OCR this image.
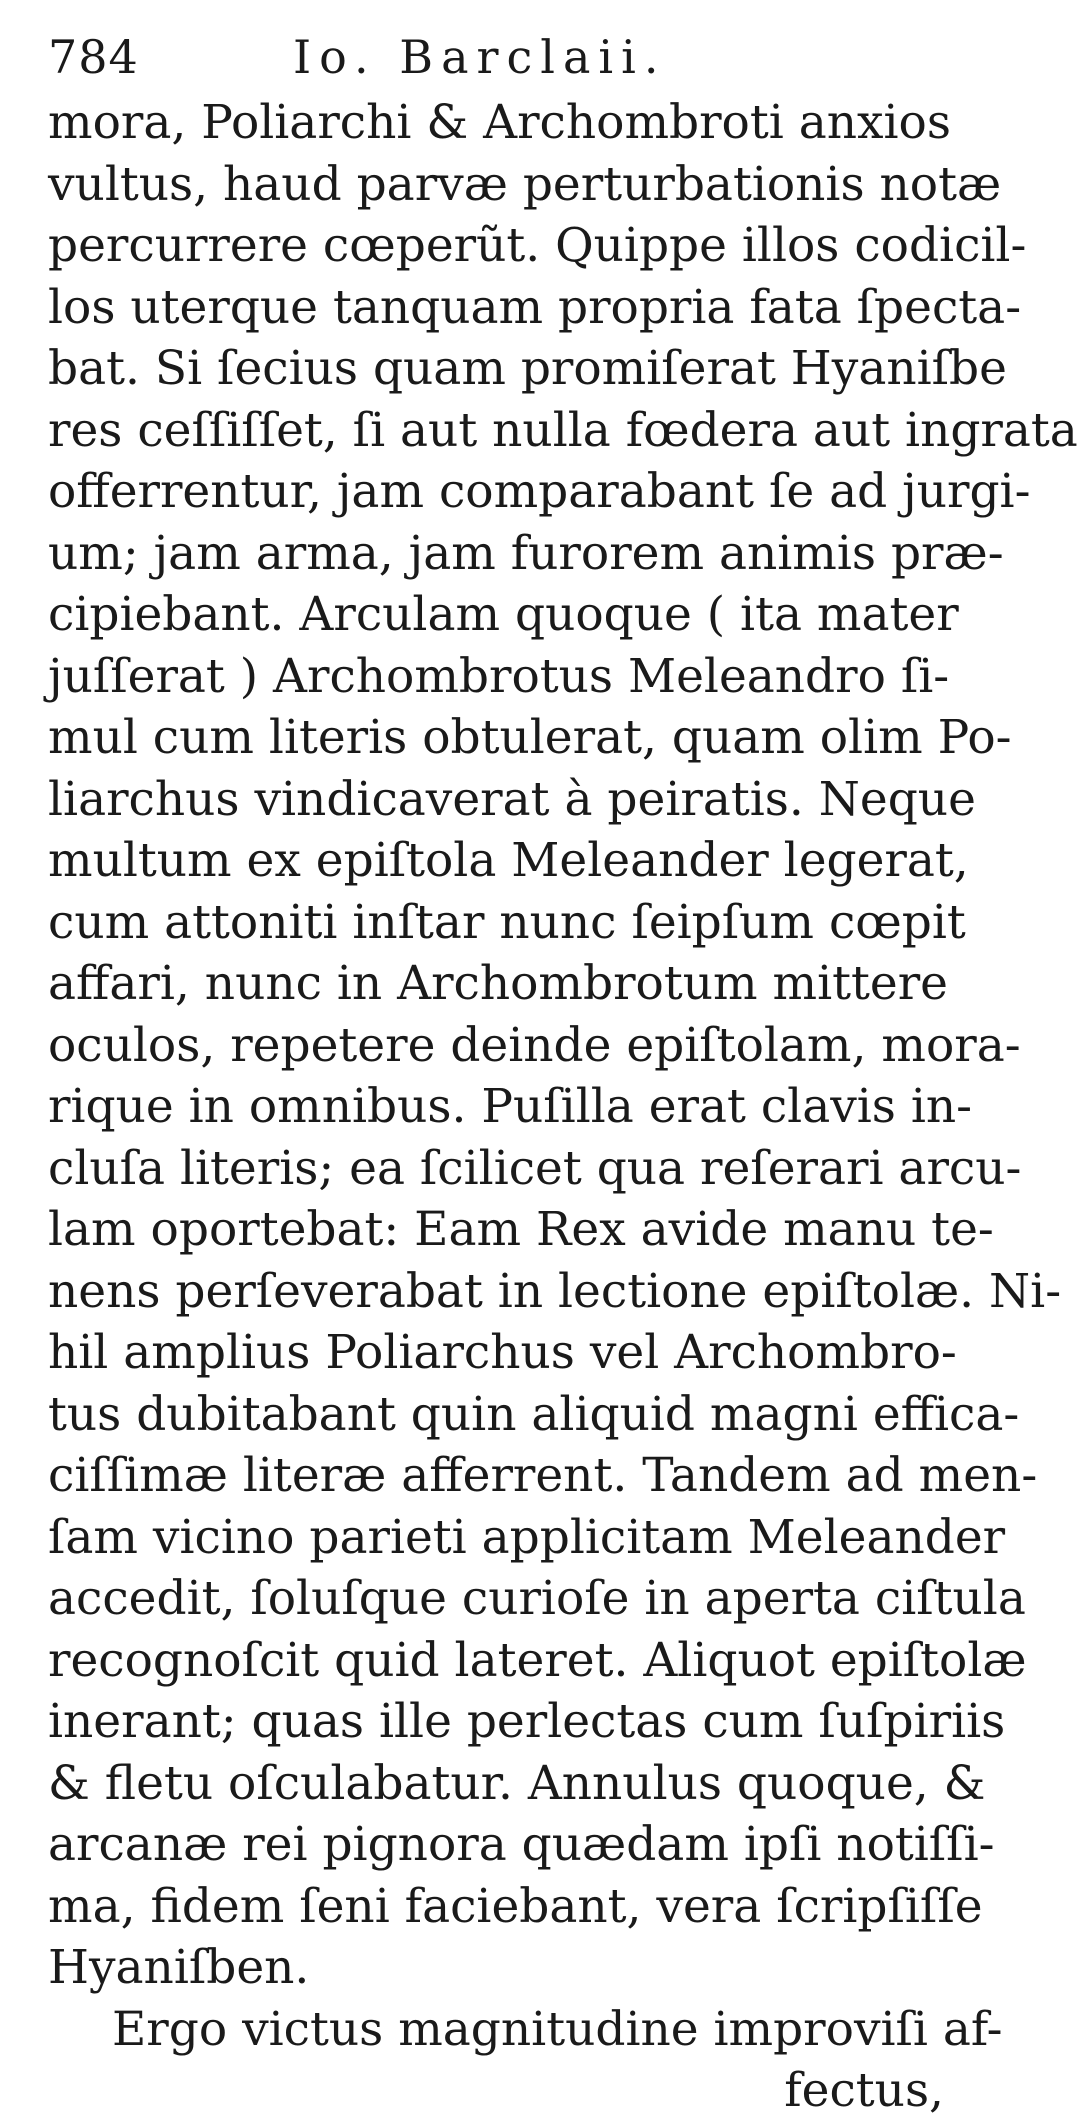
784	Io. Barclaii.
mora, Poliarchi & Archombroti anxios
vultus, haud parvæ perturbationis notæ
percurrere cœperũt. Quippe illos codicil-
los uterque tanquam propria fata ſpecta-
bat. Si ſecius quam promiſerat Hyaniſbe
res ceſſiſſet, ſi aut nulla fœdera aut ingrata
offerrentur, jam comparabant ſe ad jurgi-
um; jam arma, jam furorem animis præ-
cipiebant. Arculam quoque ( ita mater
juſſerat ) Archombrotus Meleandro ſi-
mul cum literis obtulerat, quam olim Po-
liarchus vindicaverat à peiratis. Neque
multum ex epiſtola Meleander legerat,
cum attoniti inſtar nunc ſeipſum cœpit
affari, nunc in Archombrotum mittere
oculos, repetere deinde epiſtolam, mora-
rique in omnibus. Puſilla erat clavis in-
cluſa literis; ea ſcilicet qua reſerari arcu-
lam oportebat: Eam Rex avide manu te-
nens perſeverabat in lectione epiſtolæ. Ni-
hil amplius Poliarchus vel Archombro-
tus dubitabant quin aliquid magni effica-
ciſſimæ literæ afferrent. Tandem ad men-
ſam vicino parieti applicitam Meleander
accedit, ſoluſque curioſe in aperta ciſtula
recognoſcit quid lateret. Aliquot epiſtolæ
inerant; quas ille perlectas cum ſuſpiriis
& fletu oſculabatur. Annulus quoque, &
arcanæ rei pignora quædam ipſi notiſſi-
ma, fidem ſeni faciebant, vera ſcripſiſſe
Hyaniſben.
Ergo victus magnitudine improviſi af-
fectus,
